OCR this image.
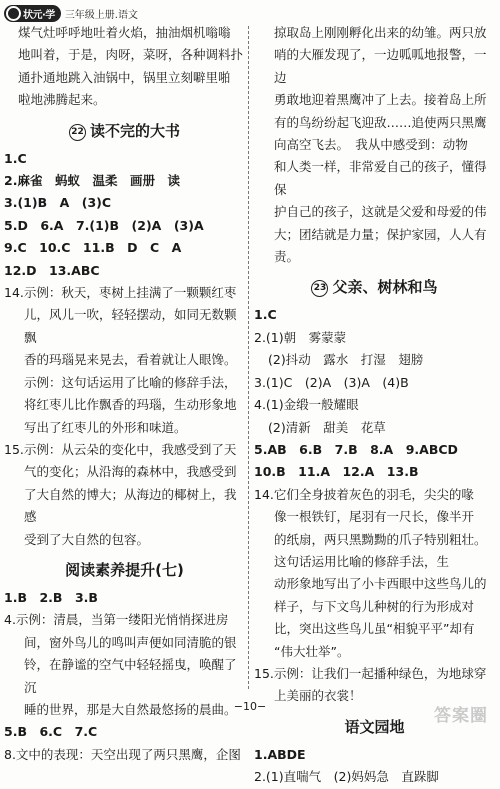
状元·学 三年级上册.语文

煤气灶呼呼地吐着火焰，抽油烟机嗡嗡

地叫着，于是，肉呀，菜呀，各种调料扑

通扑通地跳入油锅中，锅里立刻噼里啪

啦地沸腾起来。

22 读不完的大书

1.C

2.麻雀　蚂蚁　温柔　画册　读

3.(1)B　A　(3)C

5.D　6.A　7.(1)B　(2)A　(3)A

9.C　10.C　11.B　D　C　A

12.D　13.ABC

14.示例：秋天，枣树上挂满了一颗颗红枣

儿，风儿一吹，轻轻摆动，如同无数颗飘

香的玛瑙晃来晃去，看着就让人眼馋。

示例：这句话运用了比喻的修辞手法，

将红枣儿比作飘香的玛瑙，生动形象地

写出了红枣儿的外形和味道。

15.示例：从云朵的变化中，我感受到了天

气的变化；从沿海的森林中，我感受到

了大自然的博大；从海边的椰树上，我感

受到了大自然的包容。

阅读素养提升(七)

1.B　2.B　3.B

4.示例：清晨，当第一缕阳光悄悄探进房

间，窗外鸟儿的鸣叫声便如同清脆的银

铃，在静谧的空气中轻轻摇曳，唤醒了沉

睡的世界，那是大自然最悠扬的晨曲。

5.B　6.C　7.C

8.文中的表现：天空出现了两只黑鹰，企图

掠取岛上刚刚孵化出来的幼雏。两只放

哨的大雁发现了，一边呱呱地报警，一边

勇敢地迎着黑鹰冲了上去。接着岛上所

有的鸟纷纷起飞迎敌……追使两只黑鹰

向高空飞去。　我从中感受到：动物

和人类一样，非常爱自己的孩子，懂得保

护自己的孩子，这就是父爱和母爱的伟

大；团结就是力量；保护家园，人人有责。

23 父亲、树林和鸟

1.C

2.(1)朝　雾蒙蒙

(2)抖动　露水　打湿　翅膀

3.(1)C　(2)A　(3)A　(4)B

4.(1)金缎一般耀眼

(2)清新　甜美　花草

5.AB　6.B　7.B　8.A　9.ABCD

10.B　11.A　12.A　13.B

14.它们全身披着灰色的羽毛，尖尖的喙

像一根铁钉，尾羽有一尺长，像半开

的纸扇，两只黑黝黝的爪子特别粗壮。

这句话运用比喻的修辞手法，生

动形象地写出了小卡西眼中这些鸟儿的

样子，与下文鸟儿种树的行为形成对

比，突出这些鸟儿虽“相貌平平”却有

“伟大壮举”。

15.示例：让我们一起播种绿色，为地球穿

上美丽的衣裳！

语文园地

1.ABDE

2.(1)直喘气　(2)妈妈急　直跺脚

−10−	答案圈
